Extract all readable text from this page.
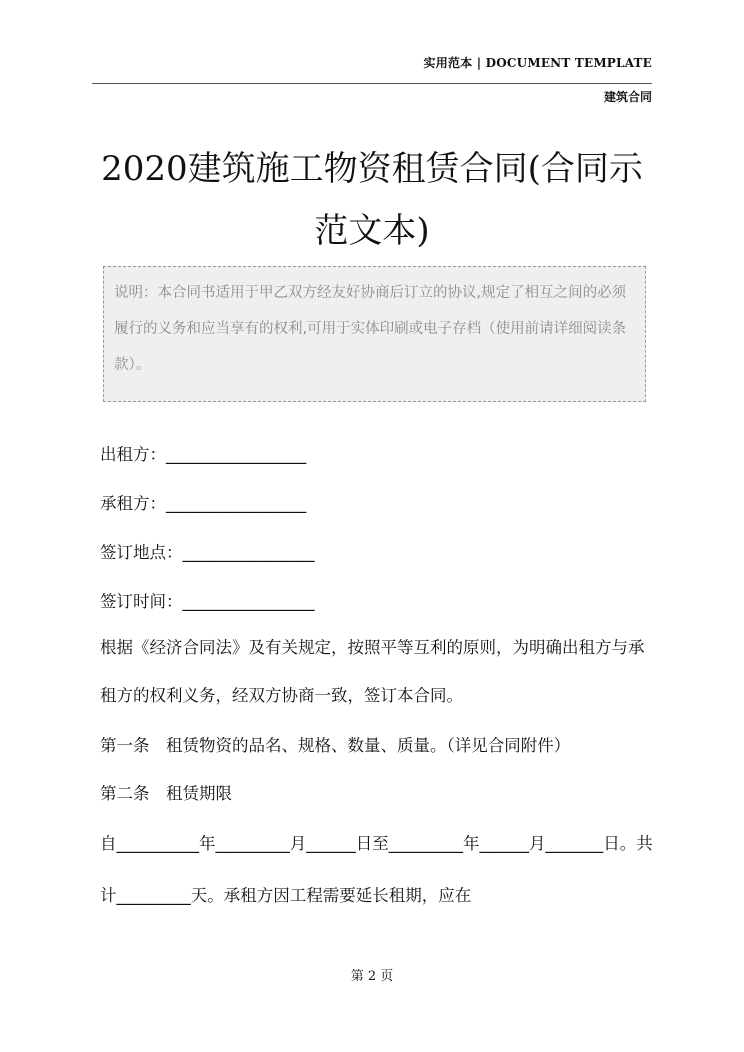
实用范本 | DOCUMENT TEMPLATE
建筑合同
2020建筑施工物资租赁合同(合同示范文本)
说明：本合同书适用于甲乙双方经友好协商后订立的协议,规定了相互之间的必须履行的义务和应当享有的权利,可用于实体印刷或电子存档（使用前请详细阅读条款）。
出租方：_________________
承租方：_________________
签订地点：________________
签订时间：________________
根据《经济合同法》及有关规定，按照平等互利的原则，为明确出租方与承租方的权利义务，经双方协商一致，签订本合同。
第一条　租赁物资的品名、规格、数量、质量。（详见合同附件）
第二条　租赁期限
自__________年_________月______日至_________年______月_______日。共计_________天。承租方因工程需要延长租期，应在
第 2 页
